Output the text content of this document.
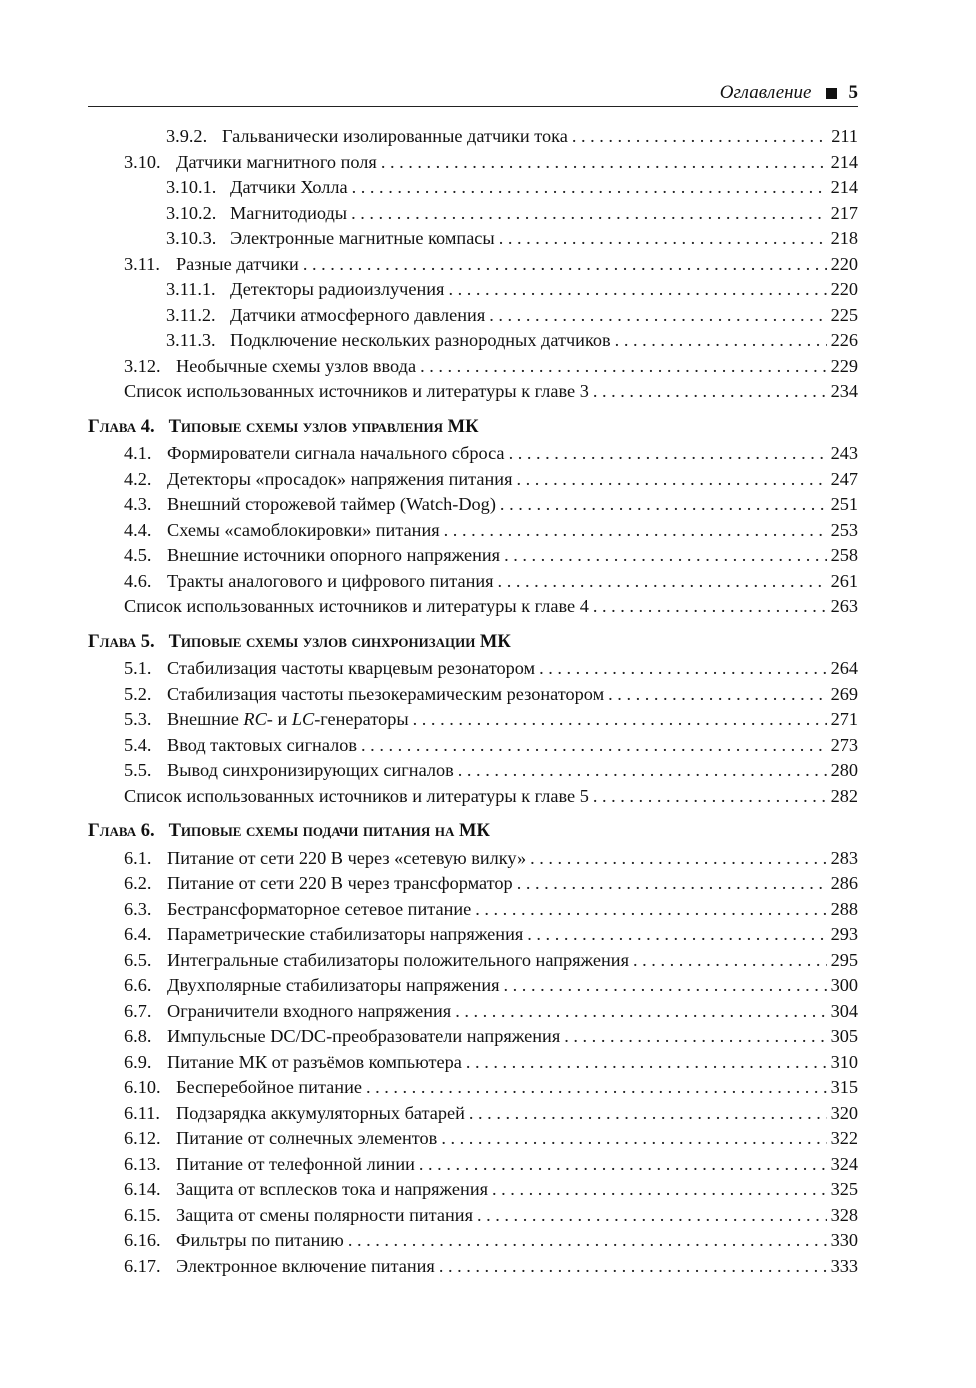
Оглавление 5
3.9.2. Гальванически изолированные датчики тока . . .	211
3.10. Датчики магнитного поля . . .	214
3.10.1. Датчики Холла . . .	214
3.10.2. Магнитодиоды . . .	217
3.10.3. Электронные магнитные компасы . . .	218
3.11. Разные датчики . . .	220
3.11.1. Детекторы радиоизлучения . . .	220
3.11.2. Датчики атмосферного давления . . .	225
3.11.3. Подключение нескольких разнородных датчиков . . .	226
3.12. Необычные схемы узлов ввода . . .	229
Список использованных источников и литературы к главе 3 . . .	234
Глава
4. Типовые схемы узлов управления МК
4.1. Формирователи сигнала начального сброса . . .	243
4.2. Детекторы «просадок» напряжения питания . . .	247
4.3. Внешний сторожевой таймер (Watch-Dog) . . .	251
4.4. Схемы «самоблокировки» питания . . .	253
4.5. Внешние источники опорного напряжения . . .	258
4.6. Тракты аналогового и цифрового питания . . .	261
Список использованных источников и литературы к главе 4 . . .	263
Глава
5. Типовые схемы узлов синхронизации МК
5.1. Стабилизация частоты кварцевым резонатором . . .	264
5.2. Стабилизация частоты пьезокерамическим резонатором . . .	269
5.3. Внешние RC- и LC-генераторы . . .	271
5.4. Ввод тактовых сигналов . . .	273
5.5. Вывод синхронизирующих сигналов . . .	280
Список использованных источников и литературы к главе 5 . . .	282
Глава
6. Типовые схемы подачи питания на МК
6.1. Питание от сети 220 В через «сетевую вилку» . . .	283
6.2. Питание от сети 220 В через трансформатор . . .	286
6.3. Бестрансформаторное сетевое питание . . .	288
6.4. Параметрические стабилизаторы напряжения . . .	293
6.5. Интегральные стабилизаторы положительного напряжения . . .	295
6.6. Двухполярные стабилизаторы напряжения . . .	300
6.7. Ограничители входного напряжения . . .	304
6.8. Импульсные DC/DC-преобразователи напряжения . . .	305
6.9. Питание МК от разъёмов компьютера . . .	310
6.10. Бесперебойное питание . . .	315
6.11. Подзарядка аккумуляторных батарей . . .	320
6.12. Питание от солнечных элементов . . .	322
6.13. Питание от телефонной линии . . .	324
6.14. Защита от всплесков тока и напряжения . . .	325
6.15. Защита от смены полярности питания . . .	328
6.16. Фильтры по питанию . . .	330
6.17. Электронное включение питания . . .	333
